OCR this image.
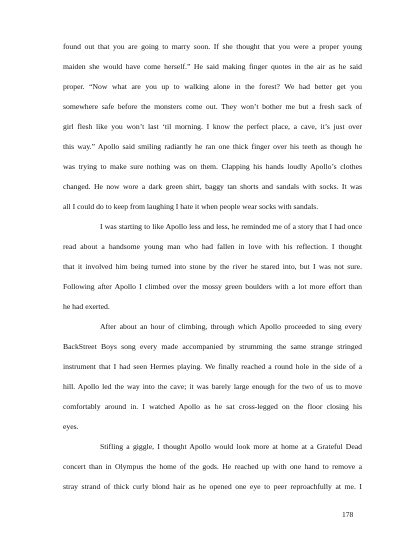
found out that you are going to marry soon. If she thought that you were a proper young
maiden she would have come herself.” He said making finger quotes in the air as he said
proper. “Now what are you up to walking alone in the forest? We had better get you
somewhere safe before the monsters come out. They won’t bother me but a fresh sack of
girl flesh like you won’t last ‘til morning. I know the perfect place, a cave, it’s just over
this way.” Apollo said smiling radiantly he ran one thick finger over his teeth as though he
was trying to make sure nothing was on them. Clapping his hands loudly Apollo’s clothes
changed. He now wore a dark green shirt, baggy tan shorts and sandals with socks. It was
all I could do to keep from laughing I hate it when people wear socks with sandals.
I was starting to like Apollo less and less, he reminded me of a story that I had once
read about a handsome young man who had fallen in love with his reflection. I thought
that it involved him being turned into stone by the river he stared into, but I was not sure.
Following after Apollo I climbed over the mossy green boulders with a lot more effort than
he had exerted.
After about an hour of climbing, through which Apollo proceeded to sing every
BackStreet Boys song every made accompanied by strumming the same strange stringed
instrument that I had seen Hermes playing. We finally reached a round hole in the side of a
hill. Apollo led the way into the cave; it was barely large enough for the two of us to move
comfortably around in. I watched Apollo as he sat cross-legged on the floor closing his
eyes.
Stifling a giggle, I thought Apollo would look more at home at a Grateful Dead
concert than in Olympus the home of the gods. He reached up with one hand to remove a
stray strand of thick curly blond hair as he opened one eye to peer reproachfully at me. I
178
